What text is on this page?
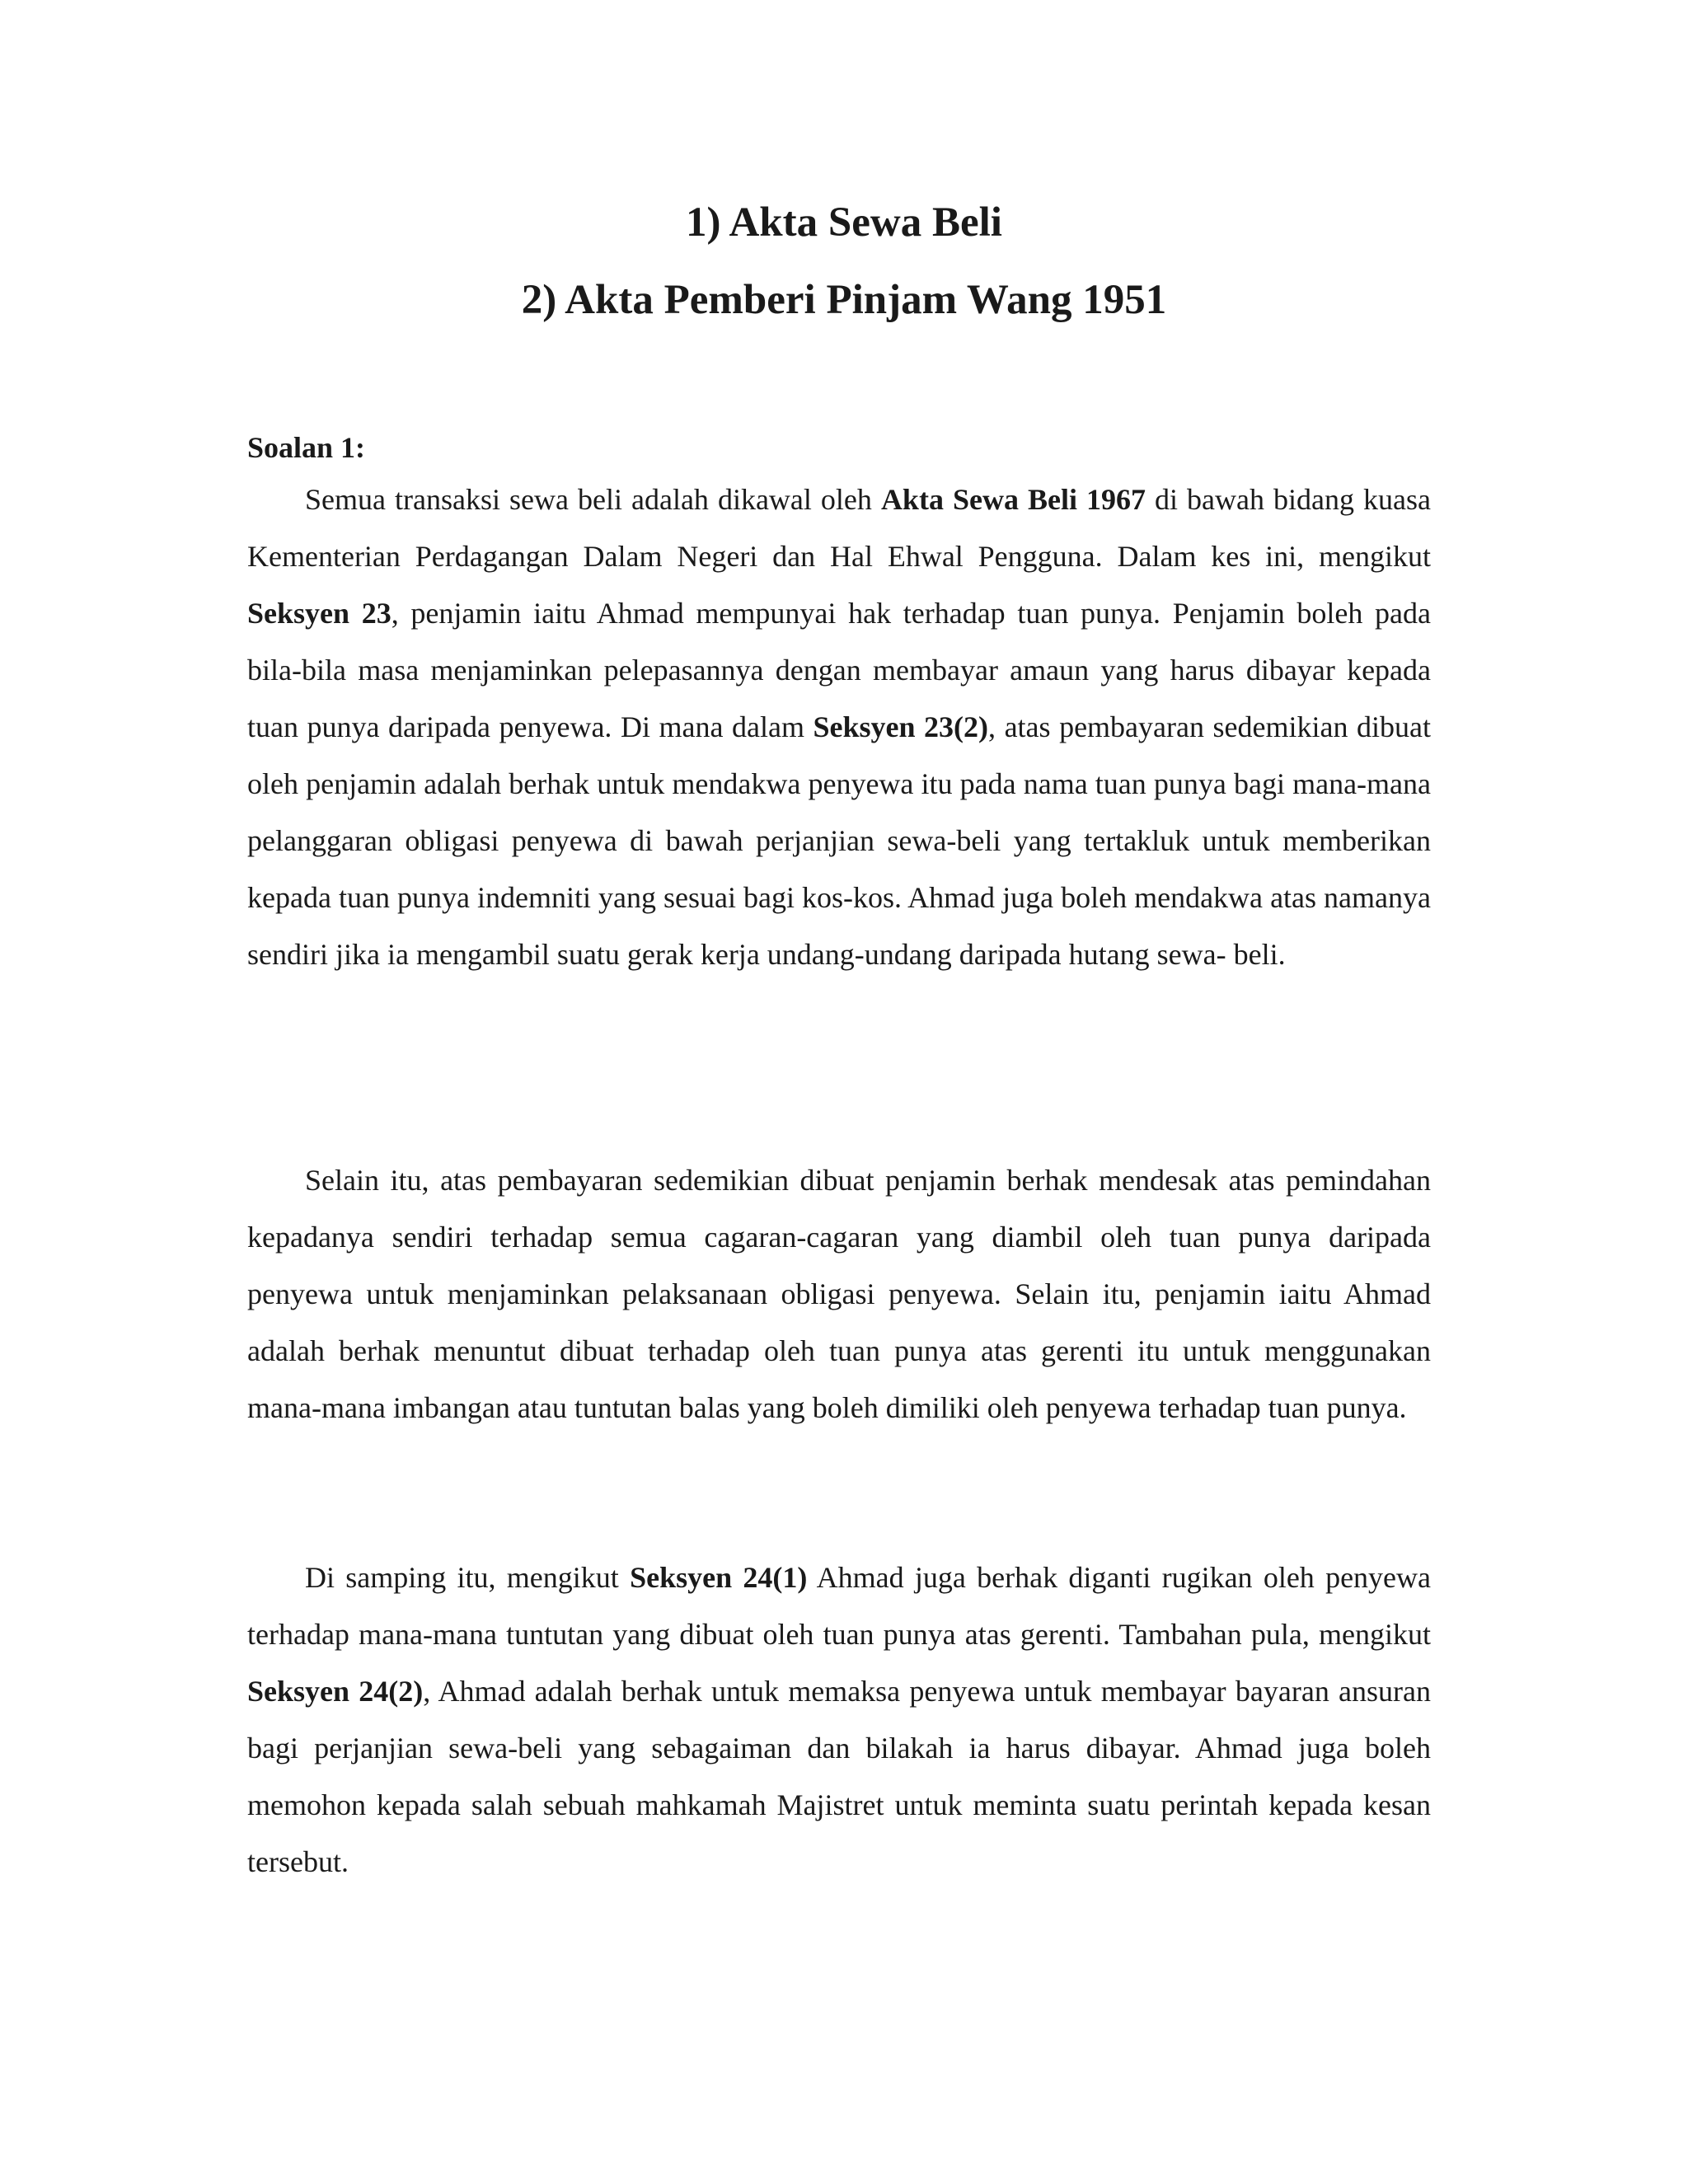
1) Akta Sewa Beli
2) Akta Pemberi Pinjam Wang 1951
Soalan 1:

Semua transaksi sewa beli adalah dikawal oleh Akta Sewa Beli 1967 di bawah bidang kuasa Kementerian Perdagangan Dalam Negeri dan Hal Ehwal Pengguna. Dalam kes ini, mengikut Seksyen 23, penjamin iaitu Ahmad mempunyai hak terhadap tuan punya. Penjamin boleh pada bila-bila masa menjaminkan pelepasannya dengan membayar amaun yang harus dibayar kepada tuan punya daripada penyewa. Di mana dalam Seksyen 23(2), atas pembayaran sedemikian dibuat oleh penjamin adalah berhak untuk mendakwa penyewa itu pada nama tuan punya bagi mana-mana pelanggaran obligasi penyewa di bawah perjanjian sewa-beli yang tertakluk untuk memberikan kepada tuan punya indemniti yang sesuai bagi kos-kos. Ahmad juga boleh mendakwa atas namanya sendiri jika ia mengambil suatu gerak kerja undang-undang daripada hutang sewa- beli.

Selain itu, atas pembayaran sedemikian dibuat penjamin berhak mendesak atas pemindahan kepadanya sendiri terhadap semua cagaran-cagaran yang diambil oleh tuan punya daripada penyewa untuk menjaminkan pelaksanaan obligasi penyewa. Selain itu, penjamin iaitu Ahmad adalah berhak menuntut dibuat terhadap oleh tuan punya atas gerenti itu untuk menggunakan mana-mana imbangan atau tuntutan balas yang boleh dimiliki oleh penyewa terhadap tuan punya.

Di samping itu, mengikut Seksyen 24(1) Ahmad juga berhak diganti rugikan oleh penyewa terhadap mana-mana tuntutan yang dibuat oleh tuan punya atas gerenti. Tambahan pula, mengikut Seksyen 24(2), Ahmad adalah berhak untuk memaksa penyewa untuk membayar bayaran ansuran bagi perjanjian sewa-beli yang sebagaiman dan bilakah ia harus dibayar. Ahmad juga boleh memohon kepada salah sebuah mahkamah Majistret untuk meminta suatu perintah kepada kesan tersebut.
